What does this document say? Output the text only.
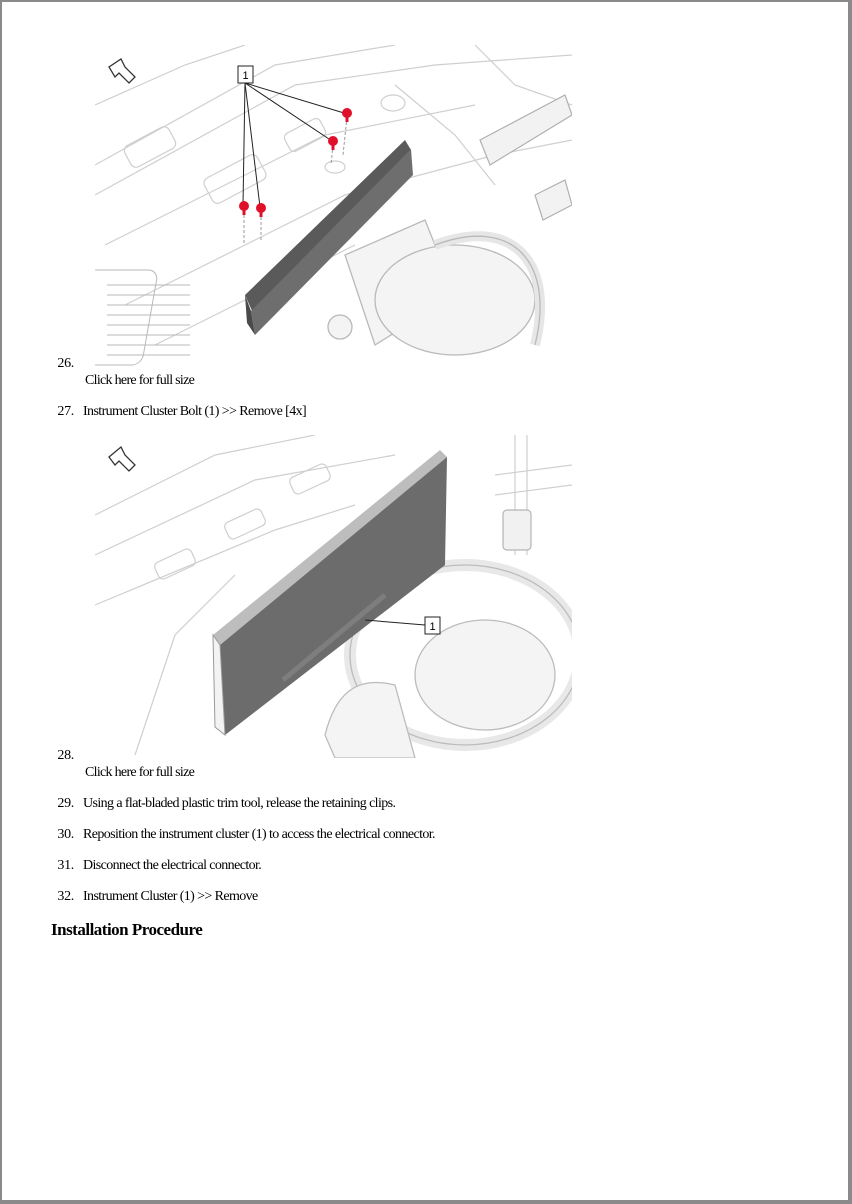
1
26.
Click here for full size
27. Instrument Cluster Bolt (1) >> Remove [4x]
1
28.
Click here for full size
29. Using a flat-bladed plastic trim tool, release the retaining clips.
30. Reposition the instrument cluster (1) to access the electrical connector.
31. Disconnect the electrical connector.
32. Instrument Cluster (1) >> Remove
Installation Procedure
